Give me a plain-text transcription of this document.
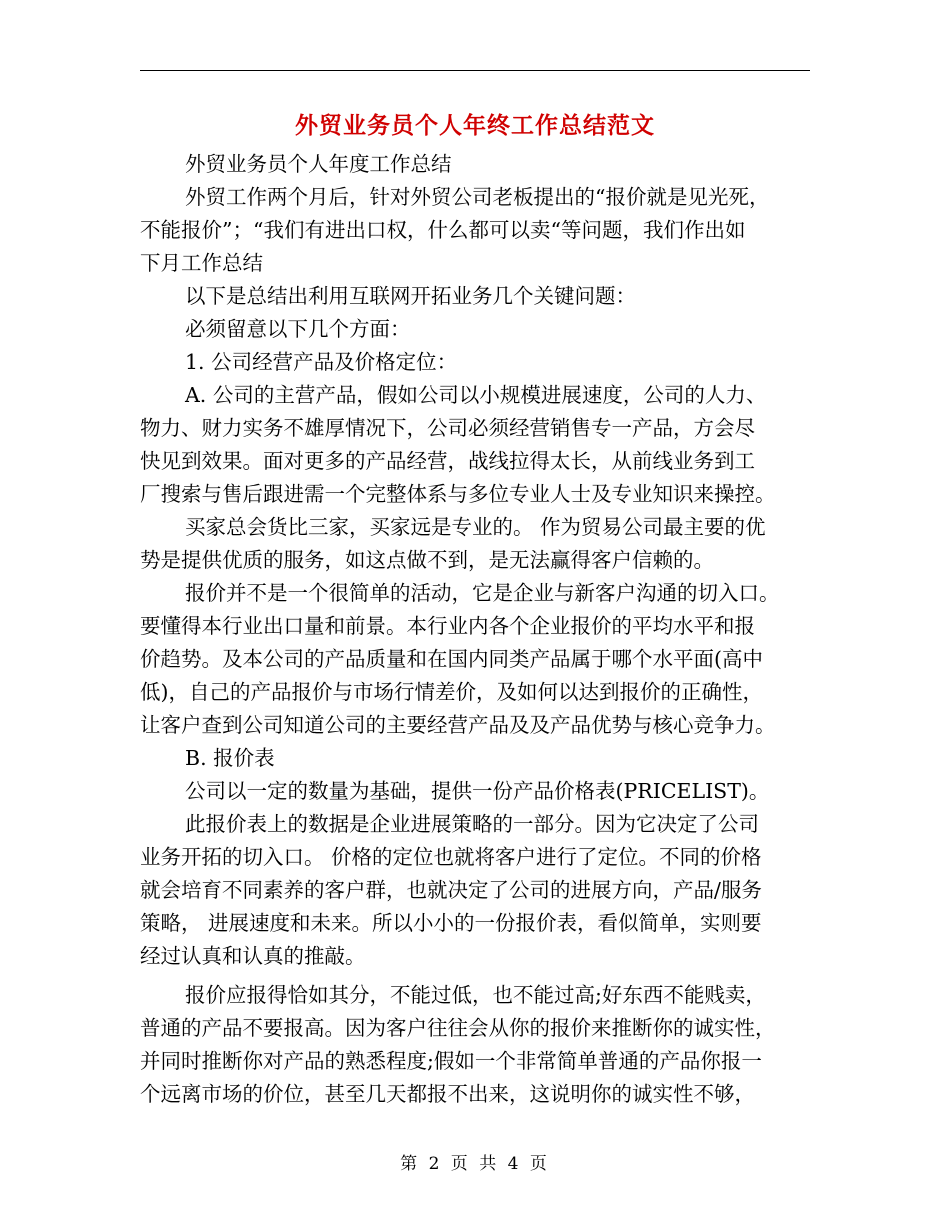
外贸业务员个人年终工作总结范文
外贸业务员个人年度工作总结
外贸工作两个月后，针对外贸公司老板提出的“报价就是见光死，
不能报价”；“我们有进出口权，什么都可以卖“等问题，我们作出如
下月工作总结
以下是总结出利用互联网开拓业务几个关键问题：
必须留意以下几个方面：
1. 公司经营产品及价格定位：
A. 公司的主营产品，假如公司以小规模进展速度，公司的人力、
物力、财力实务不雄厚情况下，公司必须经营销售专一产品，方会尽
快见到效果。面对更多的产品经营，战线拉得太长，从前线业务到工
厂搜索与售后跟进需一个完整体系与多位专业人士及专业知识来操控。
买家总会货比三家，买家远是专业的。 作为贸易公司最主要的优
势是提供优质的服务，如这点做不到，是无法赢得客户信赖的。
报价并不是一个很简单的活动，它是企业与新客户沟通的切入口。
要懂得本行业出口量和前景。本行业内各个企业报价的平均水平和报
价趋势。及本公司的产品质量和在国内同类产品属于哪个水平面(高中
低)，自己的产品报价与市场行情差价，及如何以达到报价的正确性，
让客户查到公司知道公司的主要经营产品及及产品优势与核心竞争力。
B. 报价表
公司以一定的数量为基础，提供一份产品价格表(PRICELIST)。
此报价表上的数据是企业进展策略的一部分。因为它决定了公司
业务开拓的切入口。 价格的定位也就将客户进行了定位。不同的价格
就会培育不同素养的客户群，也就决定了公司的进展方向，产品/服务
策略， 进展速度和未来。所以小小的一份报价表，看似简单，实则要
经过认真和认真的推敲。
报价应报得恰如其分，不能过低，也不能过高;好东西不能贱卖，
普通的产品不要报高。因为客户往往会从你的报价来推断你的诚实性，
并同时推断你对产品的熟悉程度;假如一个非常简单普通的产品你报一
个远离市场的价位，甚至几天都报不出来，这说明你的诚实性不够，
第 2 页 共 4 页
